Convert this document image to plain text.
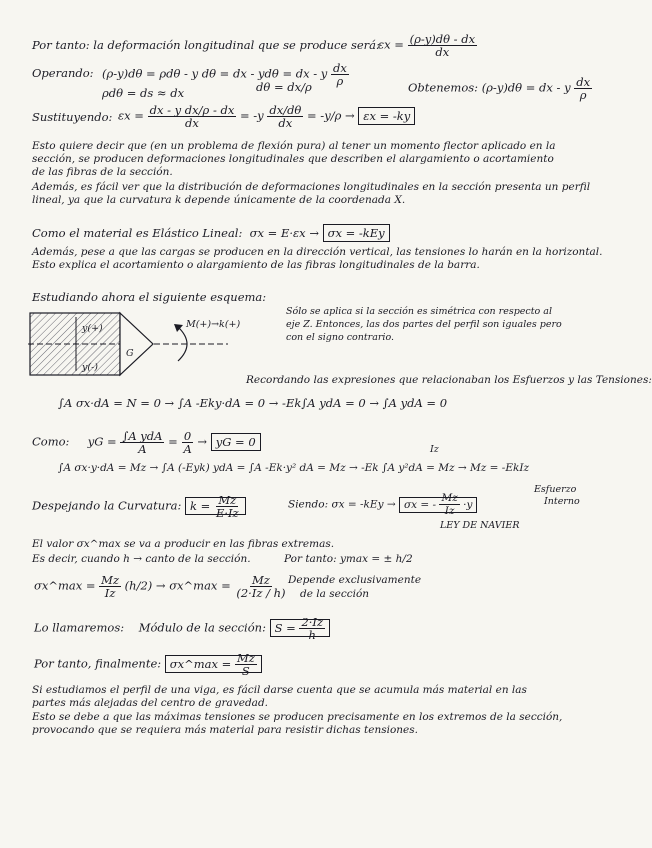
Por tanto: la deformación longitudinal que se produce será:
$\varepsilon x = \frac{(\rho-y)d\theta - dx}{dx}$
Operando: (ρ-y)dθ = ρdθ - y dθ = dx - ydθ = dx - y $\frac{dx}{\rho}$
ρdθ = ds ≈ dx	dθ = dx/ρ	Obtenemos: (ρ-y)dθ = dx - y $\frac{dx}{\rho}$
Sustituyendo: $\varepsilon x = \frac{\text{dx - y dx/ρ - dx}}{dx} = -y \frac{dx/d\theta}{dx} = -y/\rho \to \varepsilon x = -ky$
Esto quiere decir que (en un problema de flexión pura) al tener un momento flector aplicado en la
sección, se producen deformaciones longitudinales que describen el alargamiento o acortamiento
de las fibras de la sección.
Además, es fácil ver que la distribución de deformaciones longitudinales en la sección presenta un perfil
lineal, ya que la curvatura k depende únicamente de la coordenada X.
Como el material es Elástico Lineal: σx = E·εx → σx = -kEy
Además, pese a que las cargas se producen en la dirección vertical, las tensiones lo harán en la horizontal.
Esto explica el acortamiento o alargamiento de las fibras longitudinales de la barra.
Estudiando ahora el siguiente esquema:
y(+)
y(-)
G
M(+)→k(+)
Sólo se aplica si la sección es simétrica con respecto al
eje Z. Entonces, las dos partes del perfil son iguales pero
con el signo contrario.
Recordando las expresiones que relacionaban los Esfuerzos y las Tensiones:
∫A σx·dA = N = 0 → ∫A -Eky·dA = 0 → -Ek∫A ydA = 0 → ∫A ydA = 0
Como: yG = $\frac{\text{∫A ydA}}{A} = \frac{0}{A}$ → yG = 0
Iz
∫A σx·y·dA = Mz → ∫A (-Eyk) ydA = ∫A -Ek·y² dA = Mz → -Ek ∫A y²dA = Mz → Mz = -EkIz
Despejando la Curvatura: $k = \frac{Mz}{E\cdot Iz}$	Siendo: σx = -kEy → σx = - $\frac{Mz}{Iz} \cdot y$
Esfuerzo
Interno
LEY DE NAVIER
El valor σx^max se va a producir en las fibras extremas.
Es decir, cuando h → canto de la sección.	Por tanto: ymax = ± h/2
σx^max = $\frac{Mz}{Iz} (h/2)$ → σx^max = $\frac{Mz}{(2\cdot Iz / h)}$ Depende exclusivamente
de la sección
Lo llamaremos: Módulo de la sección: $S = \frac{2\cdot Iz}{h}$
Por tanto, finalmente: σx^max = $\frac{Mz}{S}$
Si estudiamos el perfil de una viga, es fácil darse cuenta que se acumula más material en las
partes más alejadas del centro de gravedad.
Esto se debe a que las máximas tensiones se producen precisamente en los extremos de la sección,
provocando que se requiera más material para resistir dichas tensiones.
